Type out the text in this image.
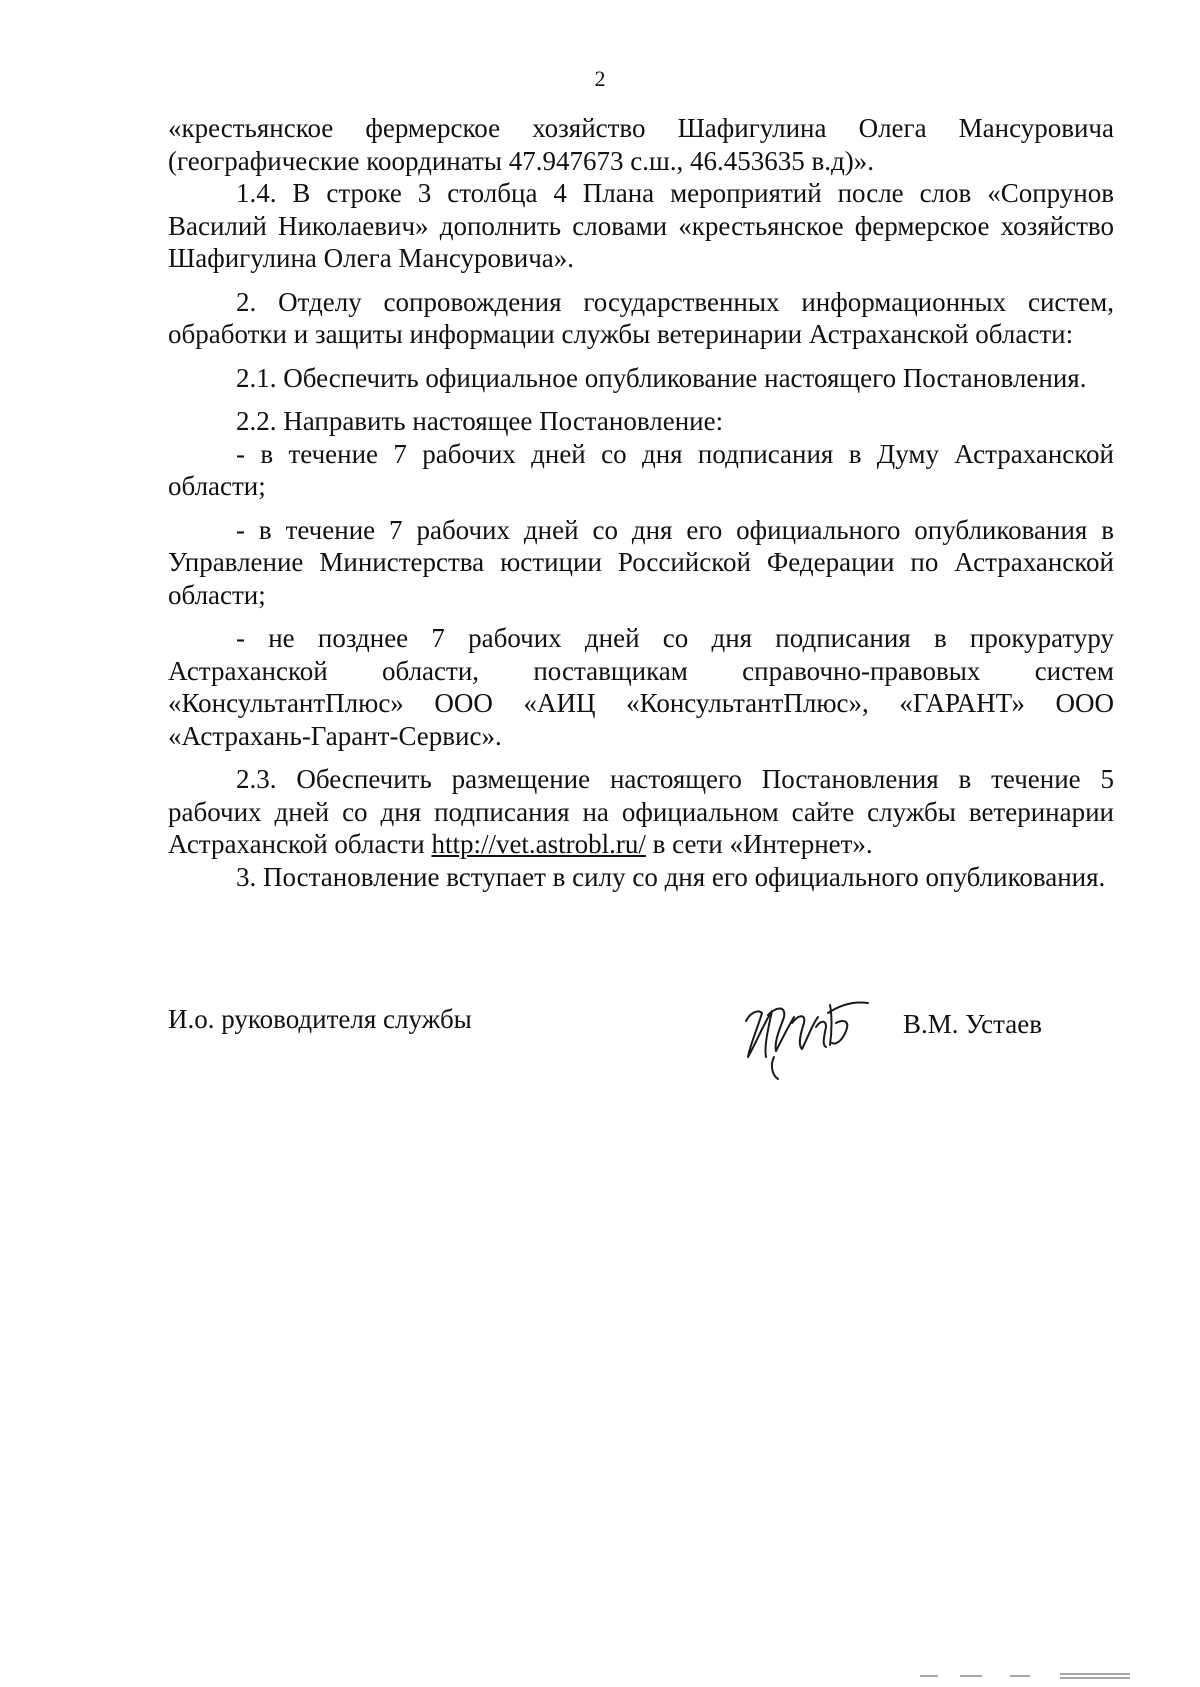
2

«крестьянское фермерское хозяйство Шафигулина Олега Мансуровича (географические координаты 47.947673 с.ш., 46.453635 в.д)».

1.4. В строке 3 столбца 4 Плана мероприятий после слов «Сопрунов Василий Николаевич» дополнить словами «крестьянское фермерское хозяйство Шафигулина Олега Мансуровича».

2. Отделу сопровождения государственных информационных систем, обработки и защиты информации службы ветеринарии Астраханской области:

2.1. Обеспечить официальное опубликование настоящего Постановления.

2.2. Направить настоящее Постановление:

- в течение 7 рабочих дней со дня подписания в Думу Астраханской области;

- в течение 7 рабочих дней со дня его официального опубликования в Управление Министерства юстиции Российской Федерации по Астраханской области;

- не позднее 7 рабочих дней со дня подписания в прокуратуру Астраханской области, поставщикам справочно-правовых систем «КонсультантПлюс» ООО «АИЦ «КонсультантПлюс», «ГАРАНТ» ООО «Астрахань-Гарант-Сервис».

2.3. Обеспечить размещение настоящего Постановления в течение 5 рабочих дней со дня подписания на официальном сайте службы ветеринарии Астраханской области http://vet.astrobl.ru/ в сети «Интернет».

3. Постановление вступает в силу со дня его официального опубликования.

И.о. руководителя службы	В.М. Устаев
